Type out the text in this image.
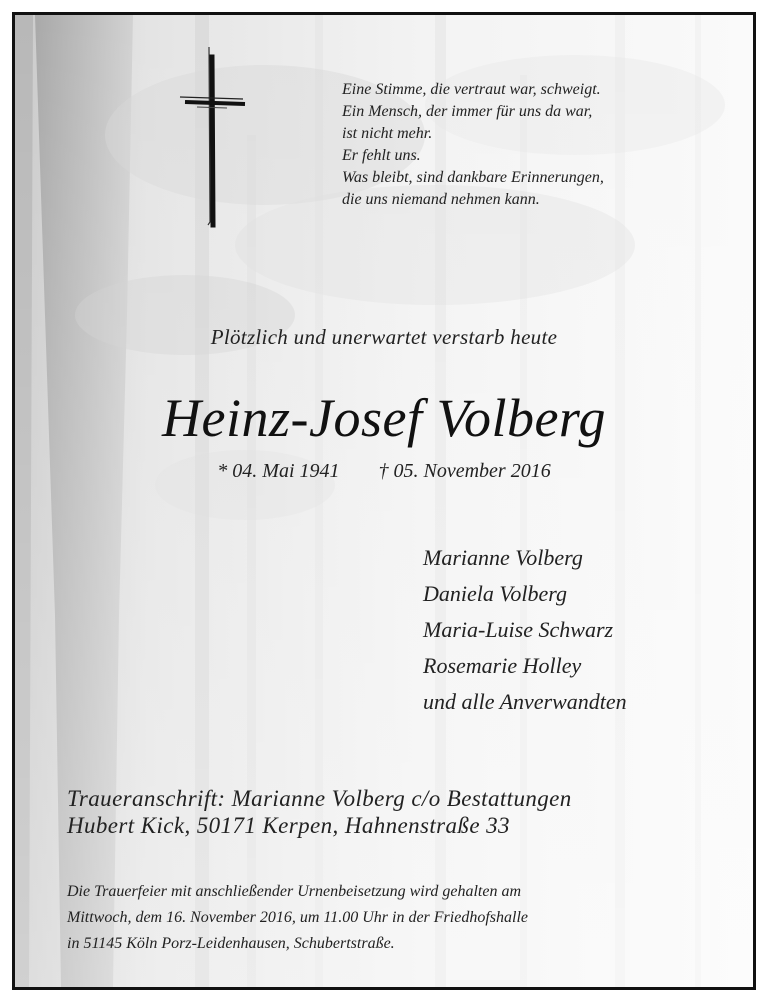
Eine Stimme, die vertraut war, schweigt.
Ein Mensch, der immer für uns da war,
ist nicht mehr.
Er fehlt uns.
Was bleibt, sind dankbare Erinnerungen,
die uns niemand nehmen kann.
Plötzlich und unerwartet verstarb heute
Heinz-Josef Volberg
* 04. Mai 1941 † 05. November 2016
Marianne Volberg
Daniela Volberg
Maria-Luise Schwarz
Rosemarie Holley
und alle Anverwandten
Traueranschrift: Marianne Volberg c/o Bestattungen
Hubert Kick, 50171 Kerpen, Hahnenstraße 33
Die Trauerfeier mit anschließender Urnenbeisetzung wird gehalten am
Mittwoch, dem 16. November 2016, um 11.00 Uhr in der Friedhofshalle
in 51145 Köln Porz-Leidenhausen, Schubertstraße.
